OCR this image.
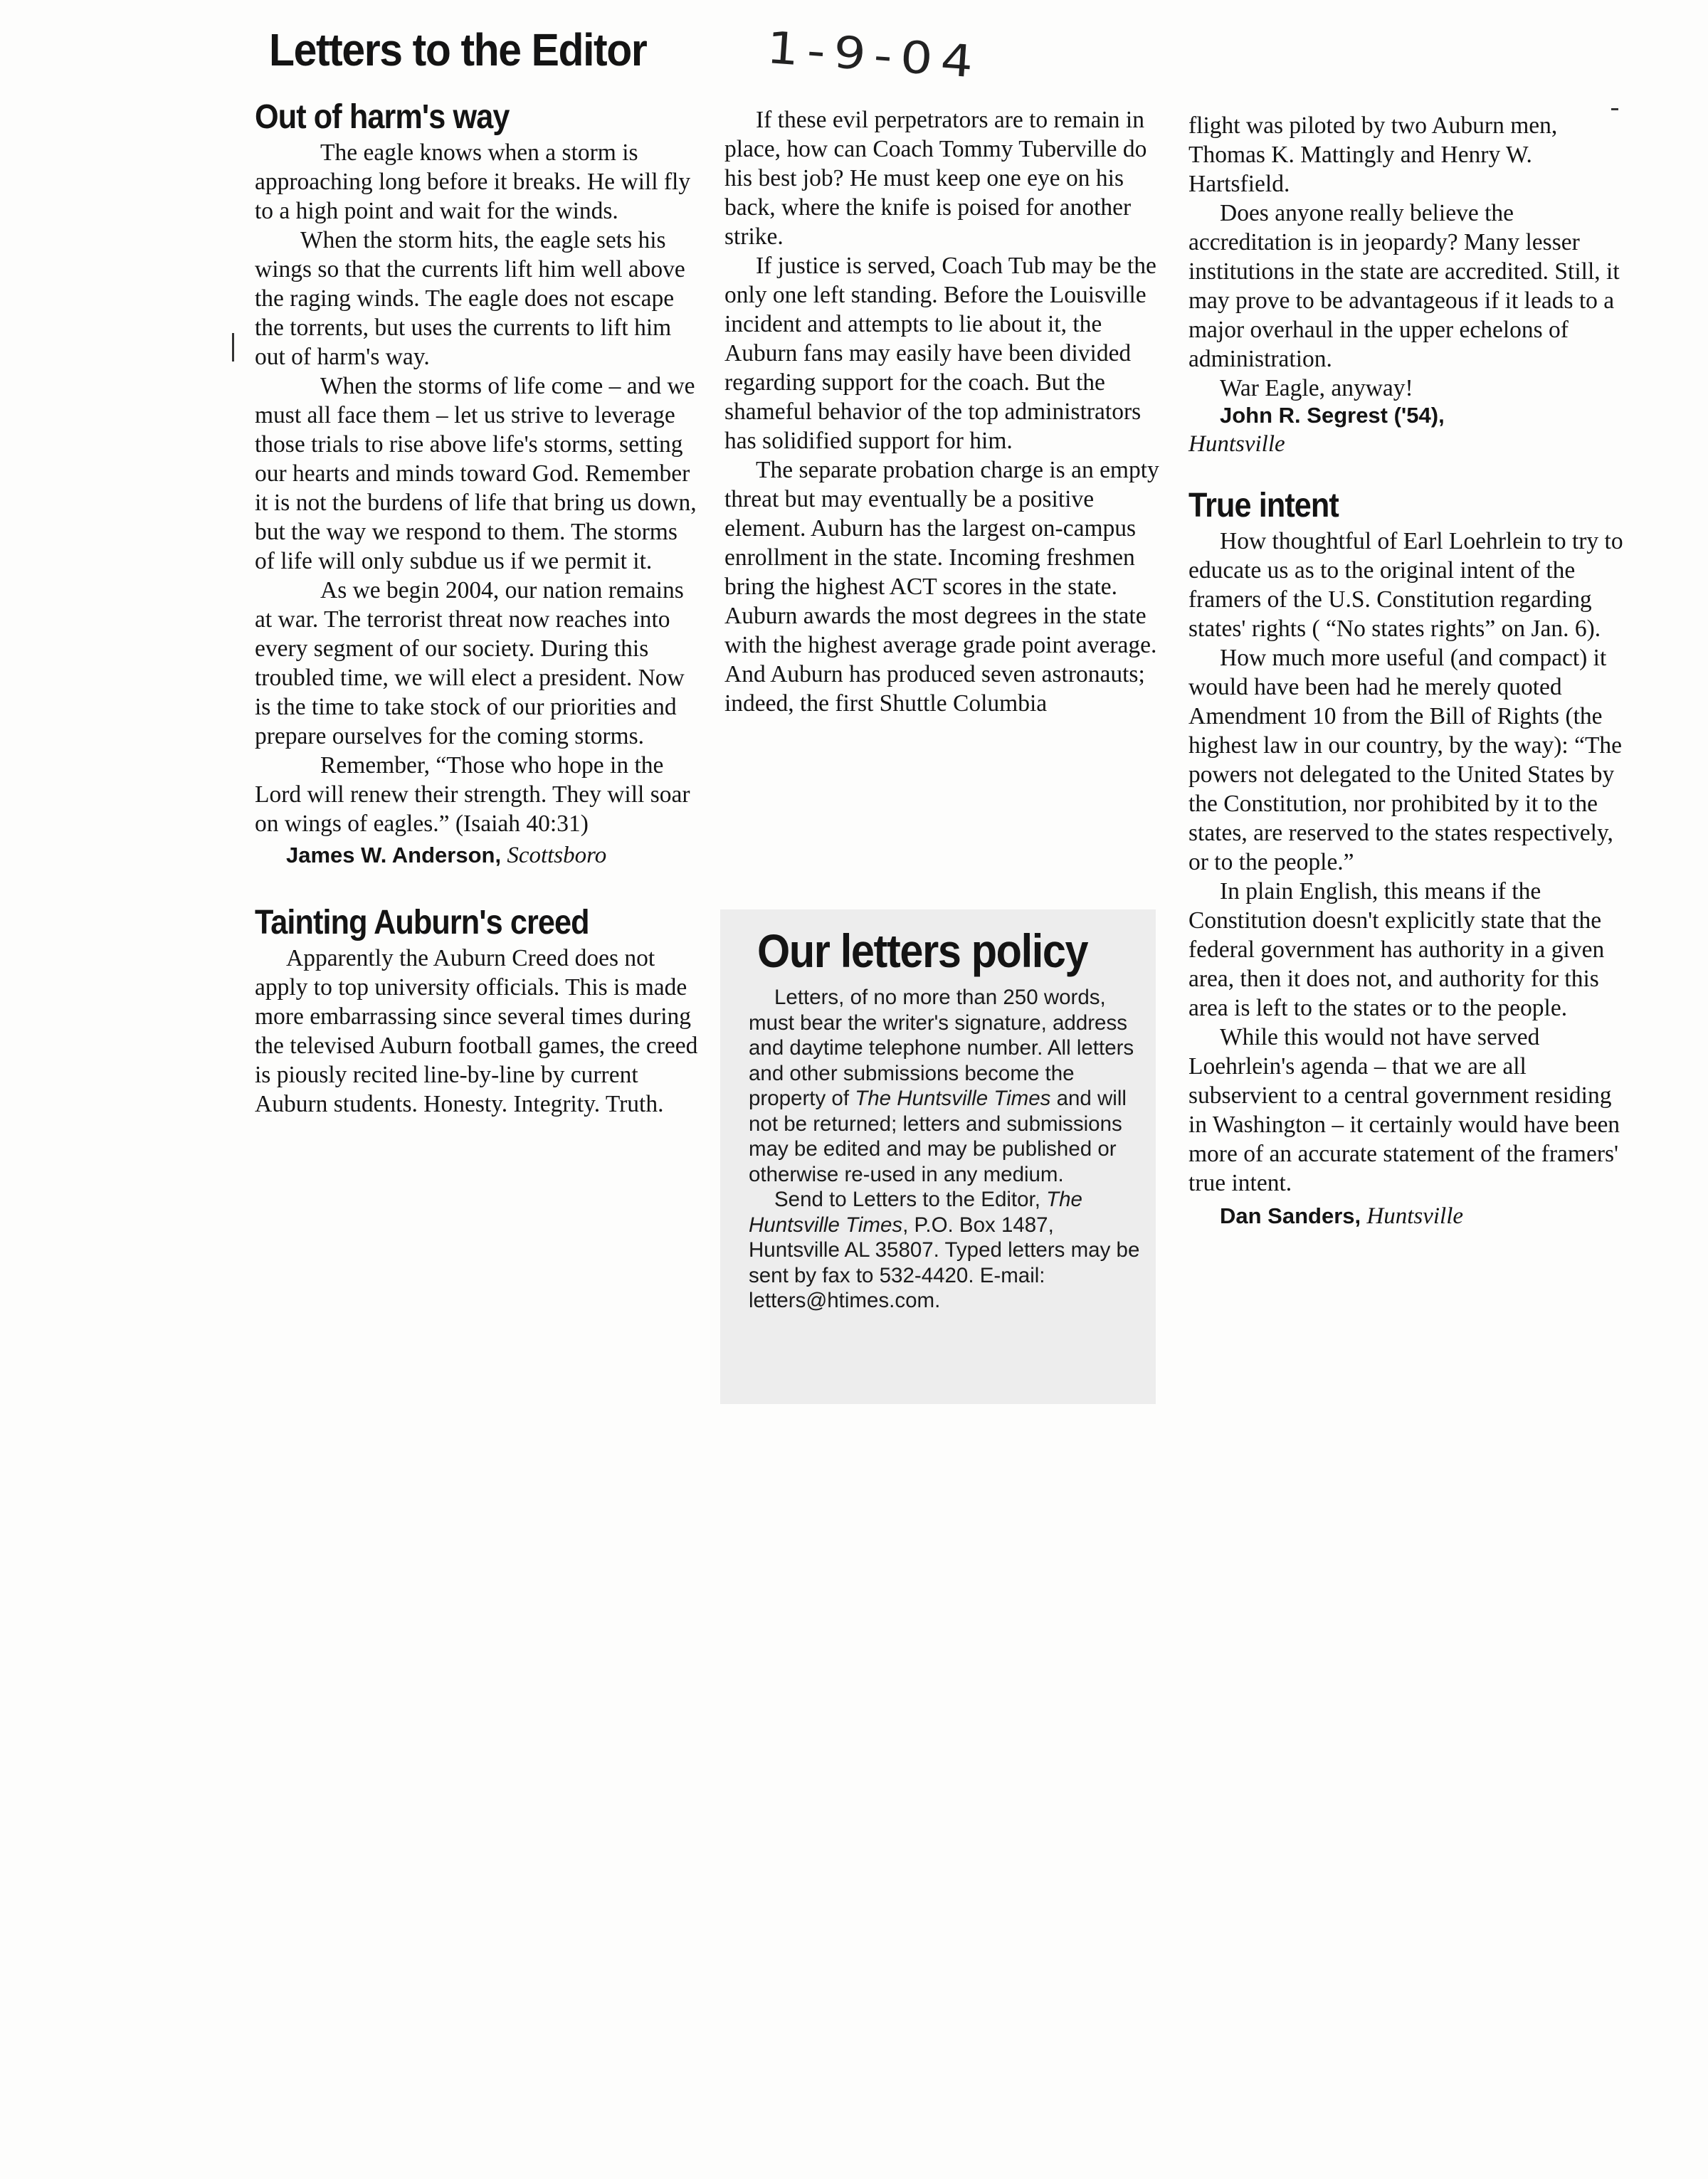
Letters to the Editor	1-9-04
Out of harm's way

The eagle knows when a storm is approaching long before it breaks. He will fly to a high point and wait for the winds.

When the storm hits, the eagle sets his wings so that the currents lift him well above the raging winds. The eagle does not escape the torrents, but uses the currents to lift him out of harm's way.

When the storms of life come – and we must all face them – let us strive to leverage those trials to rise above life's storms, setting our hearts and minds toward God. Remember it is not the burdens of life that bring us down, but the way we respond to them. The storms of life will only subdue us if we permit it.

As we begin 2004, our nation remains at war. The terrorist threat now reaches into every segment of our society. During this troubled time, we will elect a president. Now is the time to take stock of our priorities and prepare ourselves for the coming storms.

Remember, “Those who hope in the Lord will renew their strength. They will soar on wings of eagles.” (Isaiah 40:31)

James W. Anderson, Scottsboro

Tainting Auburn's creed

Apparently the Auburn Creed does not apply to top university officials. This is made more embarrassing since several times during the televised Auburn football games, the creed is piously recited line-by-line by current Auburn students. Honesty. Integrity. Truth.

If these evil perpetrators are to remain in place, how can Coach Tommy Tuberville do his best job? He must keep one eye on his back, where the knife is poised for another strike.

If justice is served, Coach Tub may be the only one left standing. Before the Louisville incident and attempts to lie about it, the Auburn fans may easily have been divided regarding support for the coach. But the shameful behavior of the top administrators has solidified support for him.

The separate probation charge is an empty threat but may eventually be a positive element. Auburn has the largest on-campus enrollment in the state. Incoming freshmen bring the highest ACT scores in the state. Auburn awards the most degrees in the state with the highest average grade point average. And Auburn has produced seven astronauts; indeed, the first Shuttle Columbia

Our letters policy

Letters, of no more than 250 words, must bear the writer's signature, address and daytime telephone number. All letters and other submissions become the property of The Huntsville Times and will not be returned; letters and submissions may be edited and may be published or otherwise re-used in any medium.

Send to Letters to the Editor, The Huntsville Times, P.O. Box 1487, Huntsville AL 35807. Typed letters may be sent by fax to 532-4420. E-mail: letters@htimes.com.

flight was piloted by two Auburn men, Thomas K. Mattingly and Henry W. Hartsfield.

Does anyone really believe the accreditation is in jeopardy? Many lesser institutions in the state are accredited. Still, it may prove to be advantageous if it leads to a major overhaul in the upper echelons of administration.

War Eagle, anyway!

John R. Segrest ('54),
Huntsville

True intent

How thoughtful of Earl Loehrlein to try to educate us as to the original intent of the framers of the U.S. Constitution regarding states' rights ( “No states rights” on Jan. 6).

How much more useful (and compact) it would have been had he merely quoted Amendment 10 from the Bill of Rights (the highest law in our country, by the way): “The powers not delegated to the United States by the Constitution, nor prohibited by it to the states, are reserved to the states respectively, or to the people.”

In plain English, this means if the Constitution doesn't explicitly state that the federal government has authority in a given area, then it does not, and authority for this area is left to the states or to the people.

While this would not have served Loehrlein's agenda – that we are all subservient to a central government residing in Washington – it certainly would have been more of an accurate statement of the framers' true intent.

Dan Sanders, Huntsville
